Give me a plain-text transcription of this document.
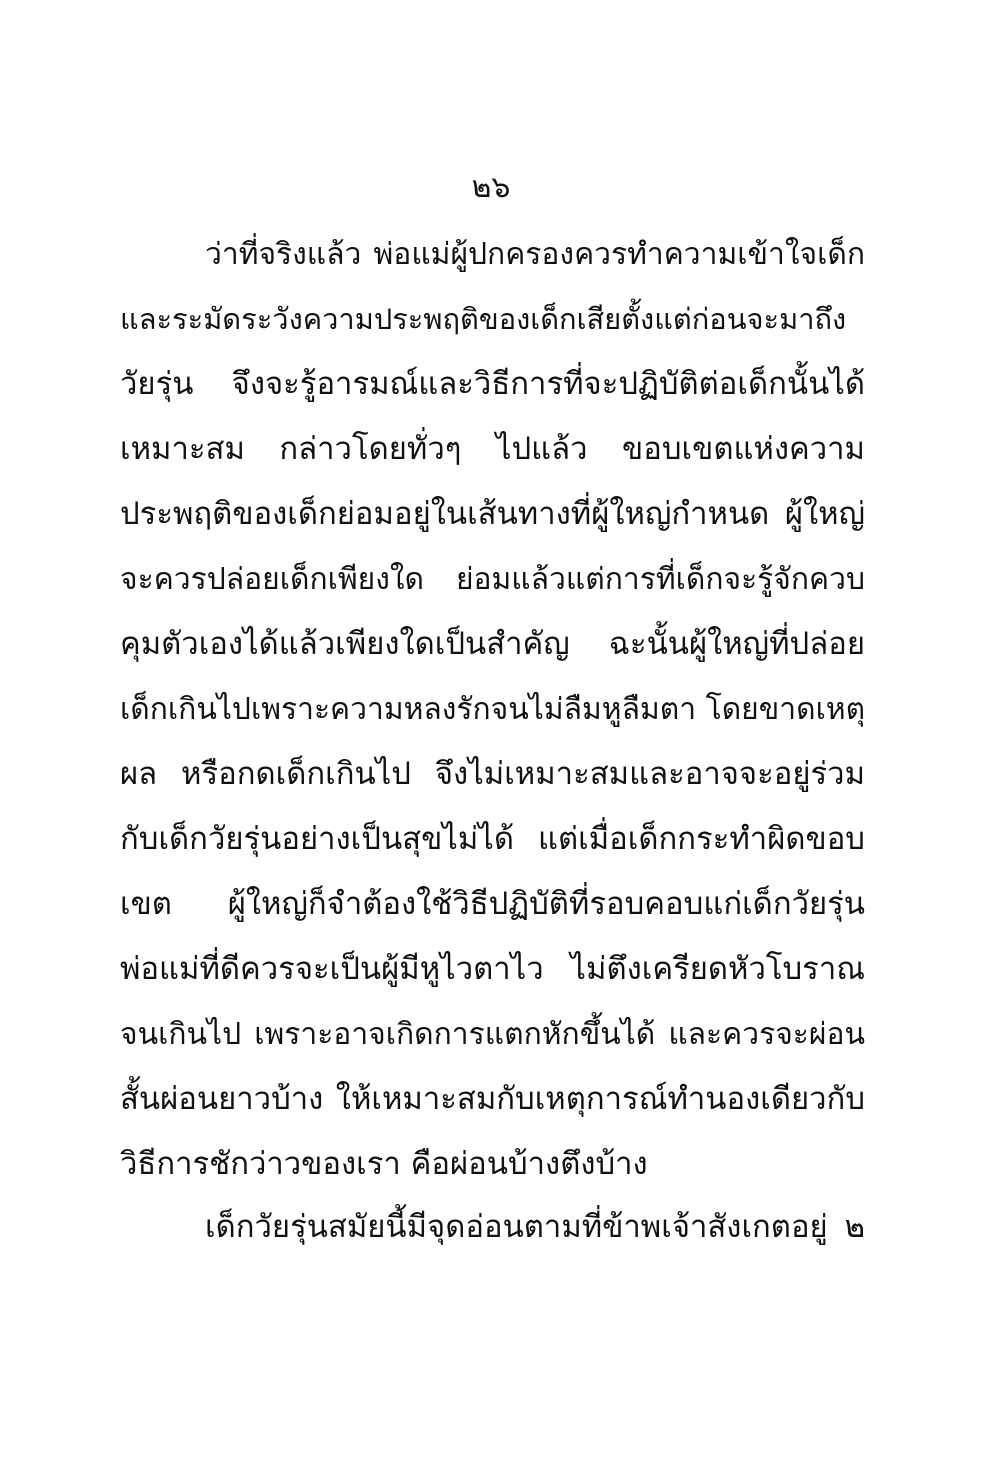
๒๖
ว่าที่จริงแล้ว พ่อแม่ผู้ปกครองควรทำความเข้าใจเด็ก
และระมัดระวังความประพฤติของเด็กเสียตั้งแต่ก่อนจะมาถึง
วัยรุ่น จึงจะรู้อารมณ์และวิธีการที่จะปฏิบัติต่อเด็กนั้นได้
เหมาะสม กล่าวโดยทั่วๆ ไปแล้ว ขอบเขตแห่งความ
ประพฤติของเด็กย่อมอยู่ในเส้นทางที่ผู้ใหญ่กำหนด ผู้ใหญ่
จะควรปล่อยเด็กเพียงใด ย่อมแล้วแต่การที่เด็กจะรู้จักควบ
คุมตัวเองได้แล้วเพียงใดเป็นสำคัญ ฉะนั้นผู้ใหญ่ที่ปล่อย
เด็กเกินไปเพราะความหลงรักจนไม่ลืมหูลืมตา โดยขาดเหตุ
ผล หรือกดเด็กเกินไป จึงไม่เหมาะสมและอาจจะอยู่ร่วม
กับเด็กวัยรุ่นอย่างเป็นสุขไม่ได้ แต่เมื่อเด็กกระทำผิดขอบ
เขต ผู้ใหญ่ก็จำต้องใช้วิธีปฏิบัติที่รอบคอบแก่เด็กวัยรุ่น
พ่อแม่ที่ดีควรจะเป็นผู้มีหูไวตาไว ไม่ตึงเครียดหัวโบราณ
จนเกินไป เพราะอาจเกิดการแตกหักขึ้นได้ และควรจะผ่อน
สั้นผ่อนยาวบ้าง ให้เหมาะสมกับเหตุการณ์ทำนองเดียวกับ
วิธีการชักว่าวของเรา คือผ่อนบ้างตึงบ้าง
เด็กวัยรุ่นสมัยนี้มีจุดอ่อนตามที่ข้าพเจ้าสังเกตอยู่ ๒
